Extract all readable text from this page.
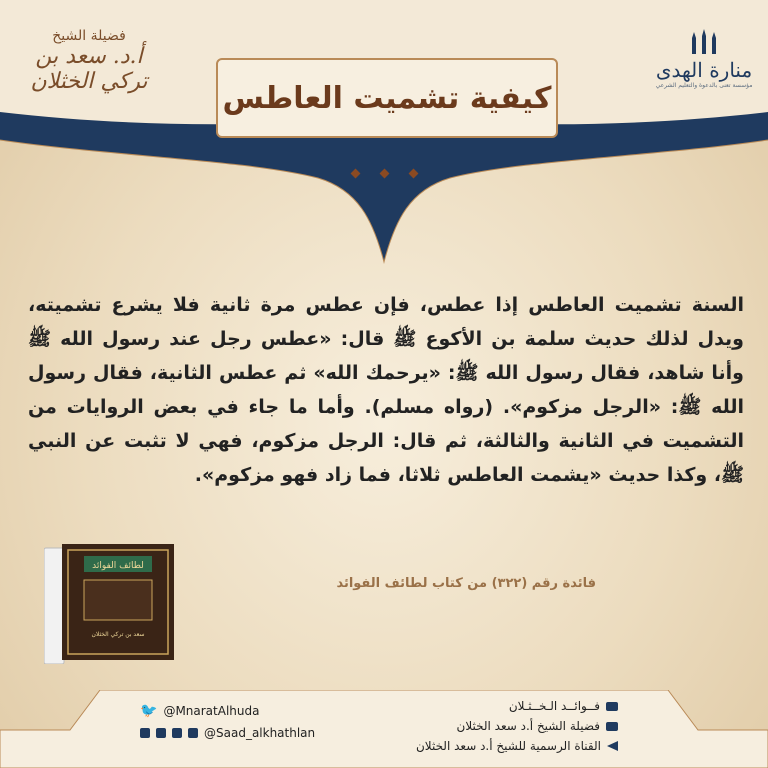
فضيلة الشيخ
أ.د. سعد بن تركي الخثلان	منارة الهدى
مؤسسة تعنى بالدعوة والتعليم الشرعي
كيفية تشميت العاطس
السنة تشميت العاطس إذا عطس، فإن عطس مرة ثانية فلا يشرع تشميته، ويدل لذلك حديث سلمة بن الأكوع ﷺ قال: «عطس رجل عند رسول الله ﷺ وأنا شاهد، فقال رسول الله ﷺ: «يرحمك الله» ثم عطس الثانية، فقال رسول الله ﷺ: «الرجل مزكوم». (رواه مسلم). وأما ما جاء في بعض الروايات من التشميت في الثانية والثالثة، ثم قال: الرجل مزكوم، فهي لا تثبت عن النبي ﷺ، وكذا حديث «يشمت العاطس ثلاثا، فما زاد فهو مزكوم».
لطائف الفوائد
سعد بن تركي الخثلان
فائدة رقم (٣٢٢) من كتاب لطائف الفوائد
🐦 @MnaratAlhuda
@Saad_alkhathlan
فــوائــد الـخــثـلان
فضيلة الشيخ أ.د سعد الخثلان
القناة الرسمية للشيخ أ.د سعد الخثلان
